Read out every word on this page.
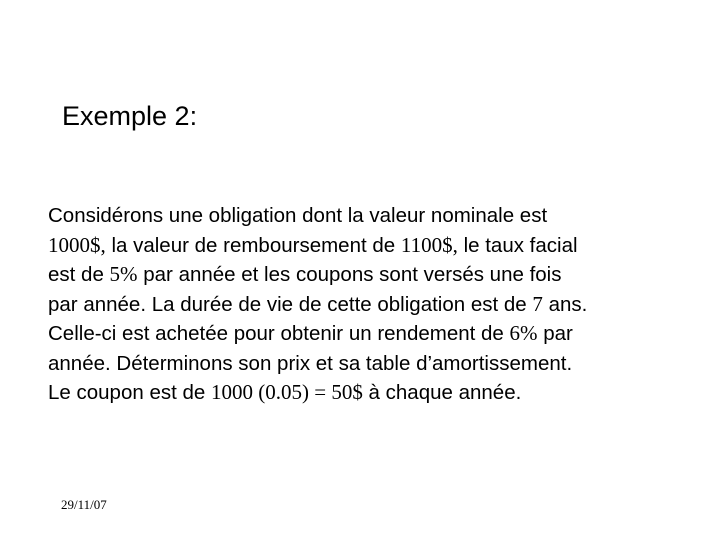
Exemple 2:
Considérons une obligation dont la valeur nominale est
1000$, la valeur de remboursement de 1100$, le taux facial
est de 5% par année et les coupons sont versés une fois
par année. La durée de vie de cette obligation est de 7 ans.
Celle-ci est achetée pour obtenir un rendement de 6% par
année. Déterminons son prix et sa table d’amortissement.
Le coupon est de 1000 (0.05) = 50$ à chaque année.
29/11/07
